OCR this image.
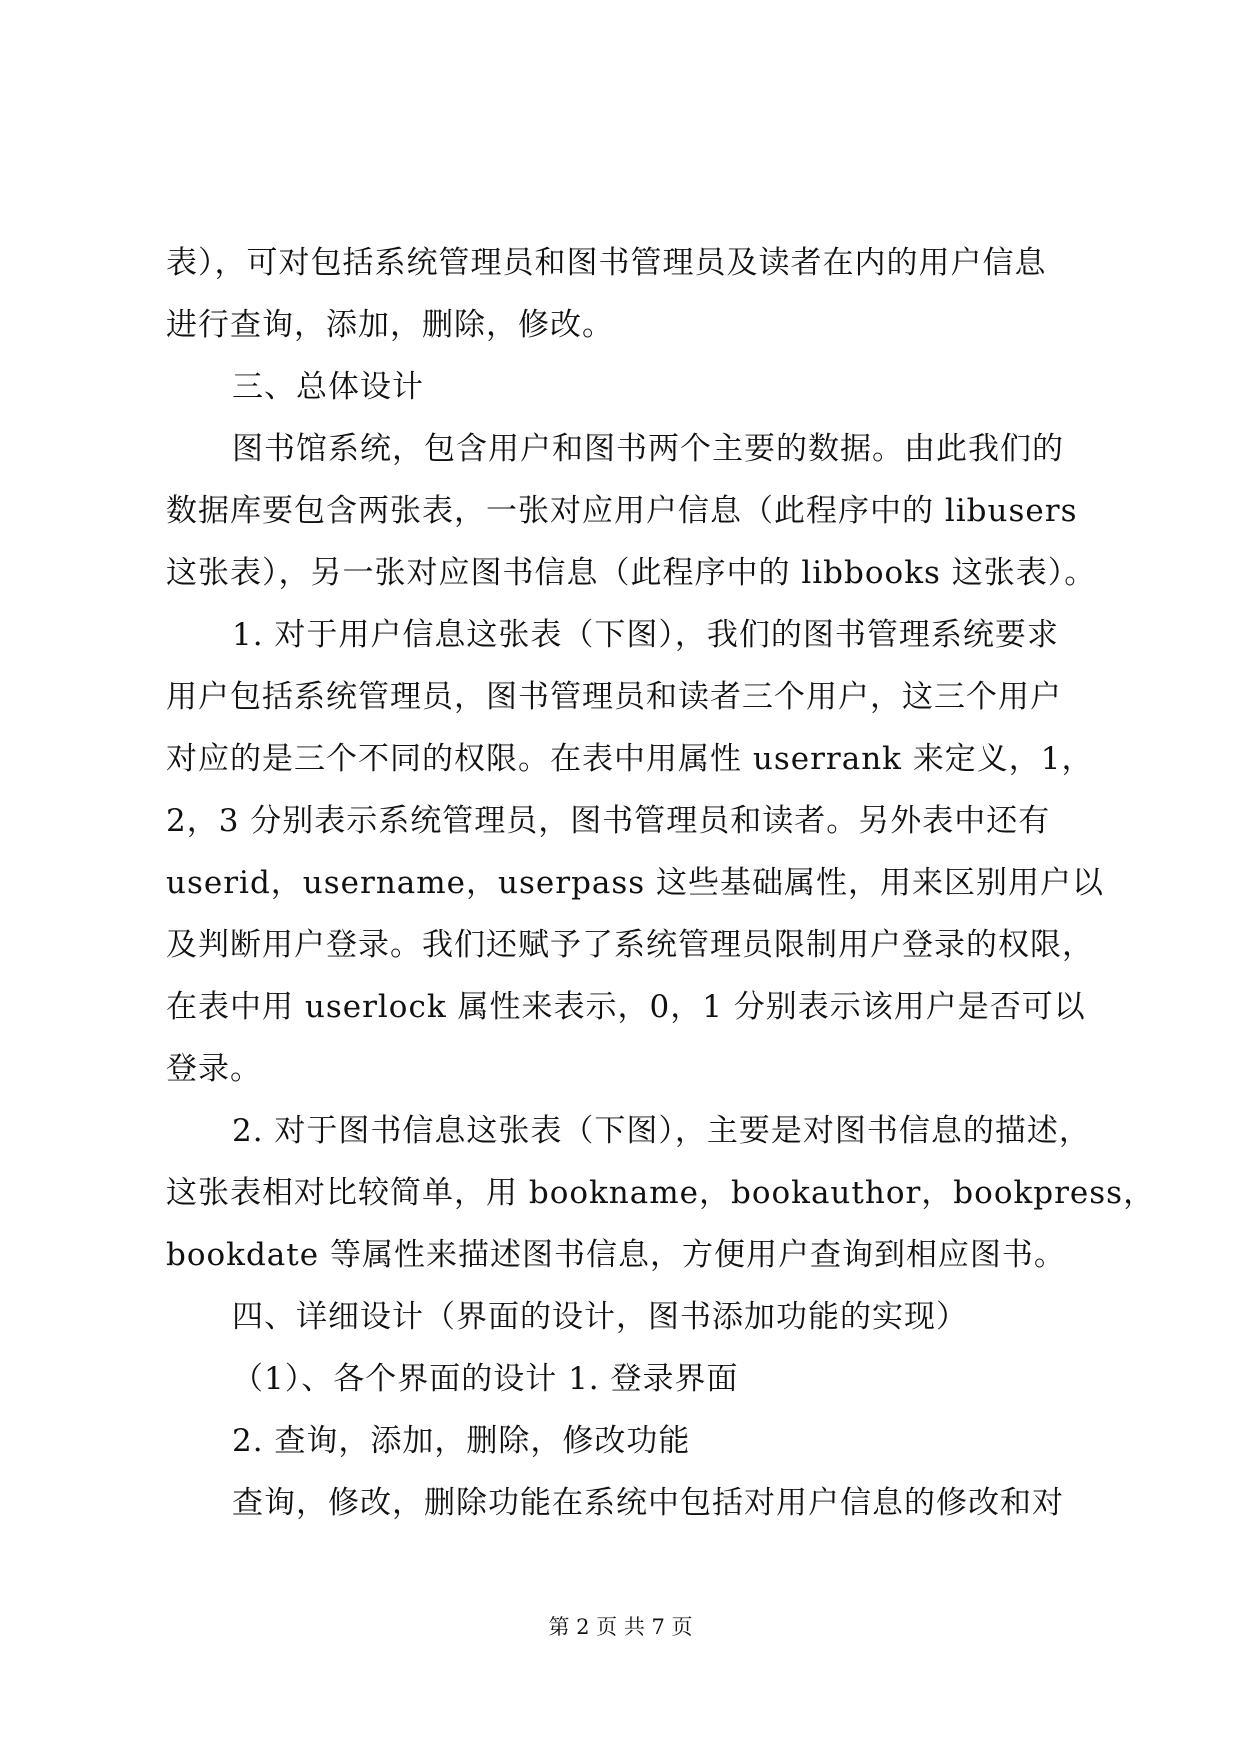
表），可对包括系统管理员和图书管理员及读者在内的用户信息
进行查询，添加，删除，修改。
三、总体设计
图书馆系统，包含用户和图书两个主要的数据。由此我们的
数据库要包含两张表，一张对应用户信息（此程序中的 libusers
这张表），另一张对应图书信息（此程序中的 libbooks 这张表）。
1. 对于用户信息这张表（下图），我们的图书管理系统要求
用户包括系统管理员，图书管理员和读者三个用户，这三个用户
对应的是三个不同的权限。在表中用属性 userrank 来定义，1，
2，3 分别表示系统管理员，图书管理员和读者。另外表中还有
userid，username，userpass 这些基础属性，用来区别用户以
及判断用户登录。我们还赋予了系统管理员限制用户登录的权限，
在表中用 userlock 属性来表示，0，1 分别表示该用户是否可以
登录。
2. 对于图书信息这张表（下图），主要是对图书信息的描述，
这张表相对比较简单，用 bookname，bookauthor，bookpress，
bookdate 等属性来描述图书信息，方便用户查询到相应图书。
四、详细设计（界面的设计，图书添加功能的实现）
（1）、各个界面的设计 1. 登录界面
2. 查询，添加，删除，修改功能
查询，修改，删除功能在系统中包括对用户信息的修改和对
第 2 页 共 7 页
